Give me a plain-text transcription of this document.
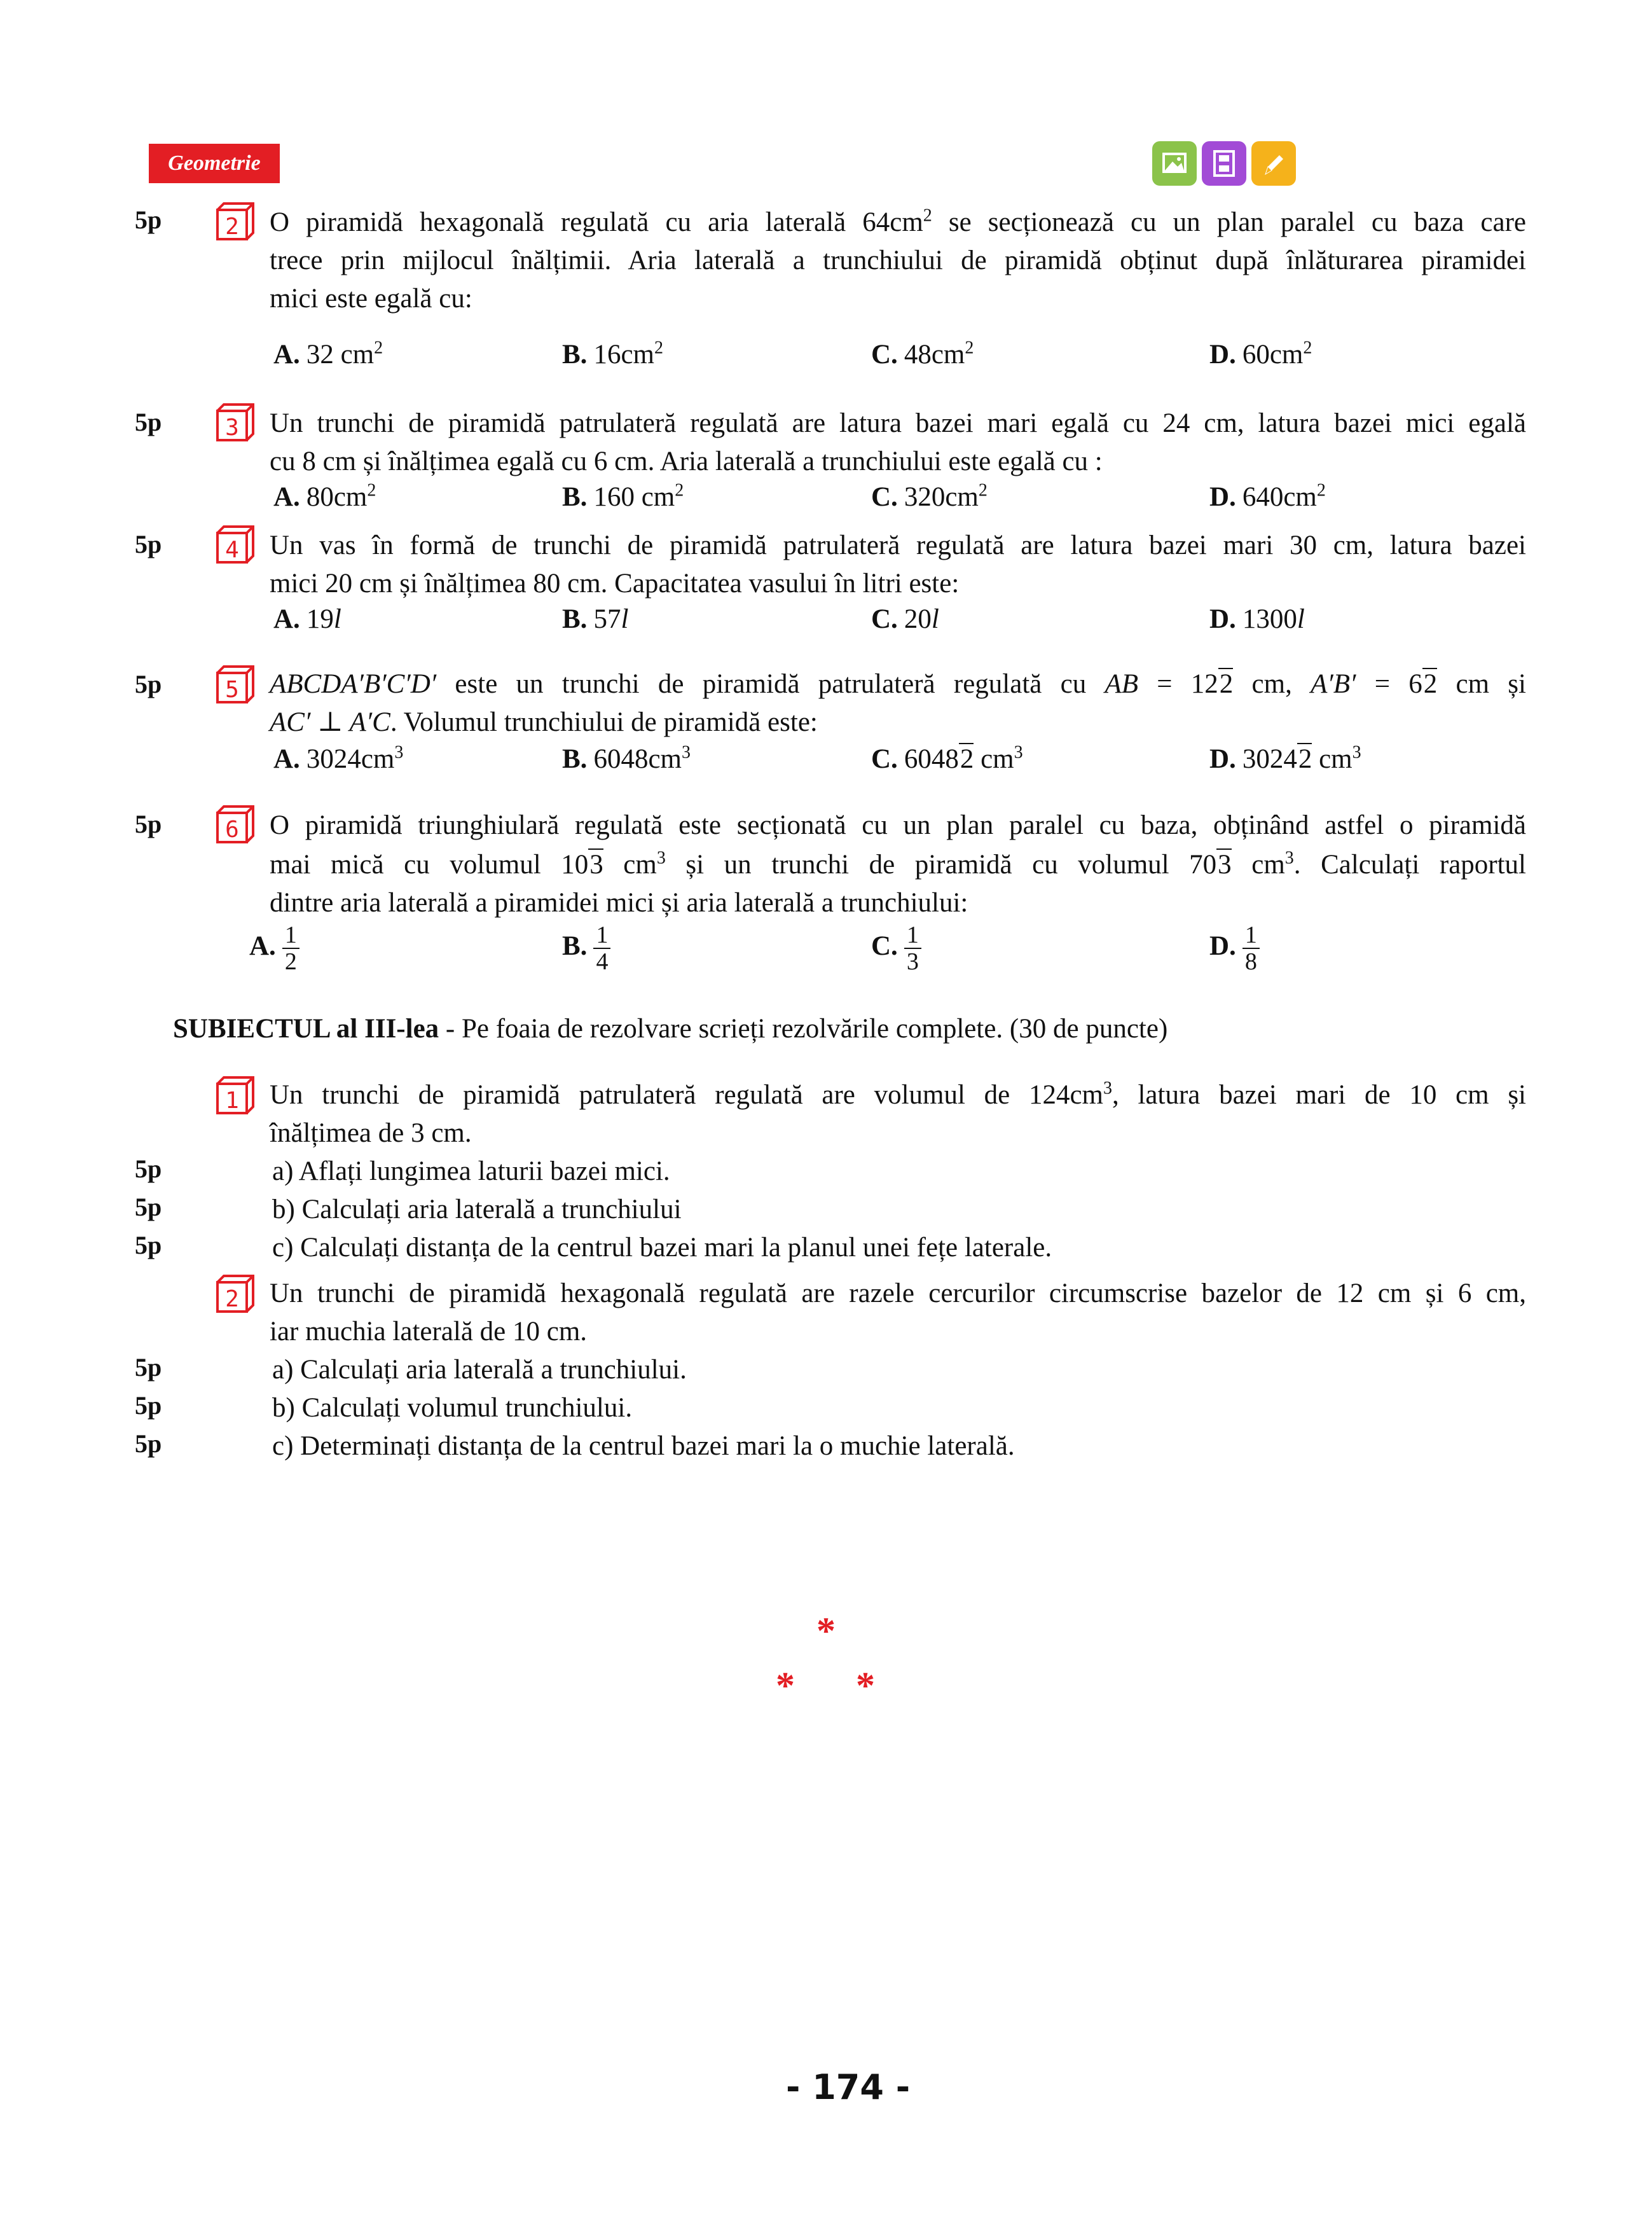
Geometrie
5p	2 O piramidă hexagonală regulată cu aria laterală $64cm^2$ se secționează cu un plan paralel cu baza care
trece prin mijlocul înălțimii. Aria laterală a trunchiului de piramidă obținut după înlăturarea piramidei
mici este egală cu:
A. 32 $cm^2$	B. $16cm^2$	C. $48cm^2$	D. $60cm^2$
5p	3 Un trunchi de piramidă patrulateră regulată are latura bazei mari egală cu 24 cm, latura bazei mici egală
cu 8 cm și înălțimea egală cu 6 cm. Aria laterală a trunchiului este egală cu :
A. $80cm^2$	B. 160 $cm^2$	C. $320cm^2$	D. $640cm^2$
5p	4 Un vas în formă de trunchi de piramidă patrulateră regulată are latura bazei mari 30 cm, latura bazei
mici 20 cm și înălțimea 80 cm. Capacitatea vasului în litri este:
A. 19l	B. 57l	C. 20l	D. 1300l
5p	5 ABCDA′B′C′D′ este un trunchi de piramidă patrulateră regulată cu AB = 122 cm, A′B′ = 62 cm și
AC′ ⊥ A′C. Volumul trunchiului de piramidă este:
A. $3024cm^3$	B. $6048cm^3$	C. 60482 $cm^3$	D. 30242 $cm^3$
5p	6 O piramidă triunghiulară regulată este secționată cu un plan paralel cu baza, obținând astfel o piramidă
mai mică cu volumul 103 $cm^3$ și un trunchi de piramidă cu volumul 703 $cm^3$. Calculați raportul
dintre aria laterală a piramidei mici și aria laterală a trunchiului:
A. $\frac{1}{2}$	B. $\frac{1}{4}$	C. $\frac{1}{3}$	D. $\frac{1}{8}$
SUBIECTUL al III-lea - Pe foaia de rezolvare scrieți rezolvările complete. (30 de puncte)
1 Un trunchi de piramidă patrulateră regulată are volumul de $124cm^3$, latura bazei mari de 10 cm și
înălțimea de 3 cm.
5p	a) Aflați lungimea laturii bazei mici.
5p	b) Calculați aria laterală a trunchiului
5p	c) Calculați distanța de la centrul bazei mari la planul unei fețe laterale.
2 Un trunchi de piramidă hexagonală regulată are razele cercurilor circumscrise bazelor de 12 cm și 6 cm,
iar muchia laterală de 10 cm.
5p	a) Calculați aria laterală a trunchiului.
5p	b) Calculați volumul trunchiului.
5p	c) Determinați distanța de la centrul bazei mari la o muchie laterală.
*
* *
- 174 -
